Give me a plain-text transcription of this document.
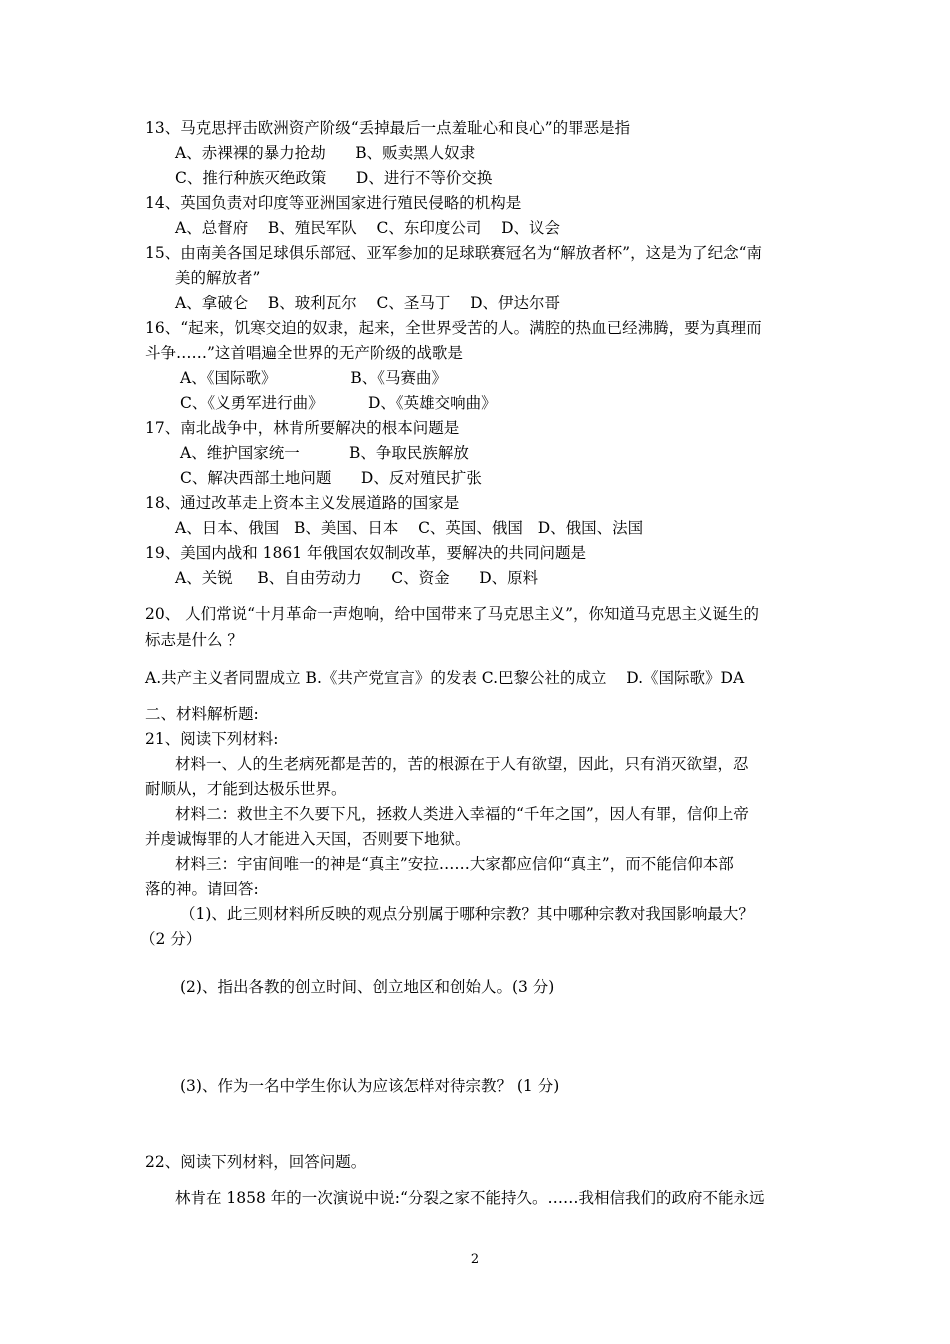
13、马克思抨击欧洲资产阶级“丢掉最后一点羞耻心和良心”的罪恶是指
A、赤裸裸的暴力抢劫      B、贩卖黑人奴隶
C、推行种族灭绝政策      D、进行不等价交换
14、英国负责对印度等亚洲国家进行殖民侵略的机构是
A、总督府    B、殖民军队    C、东印度公司    D、议会
15、由南美各国足球俱乐部冠、亚军参加的足球联赛冠名为“解放者杯”，这是为了纪念“南
美的解放者”
A、拿破仑    B、玻利瓦尔    C、圣马丁    D、伊达尔哥
16、“起来，饥寒交迫的奴隶，起来，全世界受苦的人。满腔的热血已经沸腾，要为真理而
斗争……”这首唱遍全世界的无产阶级的战歌是
A、《国际歌》               B、《马赛曲》
C、《义勇军进行曲》         D、《英雄交响曲》
17、南北战争中，林肯所要解决的根本问题是
A、维护国家统一          B、争取民族解放
C、解决西部土地问题      D、反对殖民扩张
18、通过改革走上资本主义发展道路的国家是
A、日本、俄国   B、美国、日本    C、英国、俄国   D、俄国、法国
19、美国内战和 1861 年俄国农奴制改革，要解决的共同问题是
A、关锐     B、自由劳动力      C、资金      D、原料
20、 人们常说“十月革命一声炮响，给中国带来了马克思主义”，你知道马克思主义诞生的
标志是什么 ？
A.共产主义者同盟成立 B.《共产党宣言》的发表 C.巴黎公社的成立    D.《国际歌》DA
二、材料解析题:
21、阅读下列材料:
材料一、人的生老病死都是苦的，苦的根源在于人有欲望，因此，只有消灭欲望，忍
耐顺从，才能到达极乐世界。
材料二：救世主不久要下凡，拯救人类进入幸福的“千年之国”，因人有罪，信仰上帝
并虔诚悔罪的人才能进入天国，否则要下地狱。
材料三：宇宙间唯一的神是“真主”安拉……大家都应信仰“真主”，而不能信仰本部
落的神。请回答:
（1)、此三则材料所反映的观点分别属于哪种宗教？其中哪种宗教对我国影响最大？
（2 分）
(2)、指出各教的创立时间、创立地区和创始人。(3 分)
(3)、作为一名中学生你认为应该怎样对待宗教？ (1 分)
22、阅读下列材料，回答问题。
林肯在 1858 年的一次演说中说:“分裂之家不能持久。……我相信我们的政府不能永远
2
